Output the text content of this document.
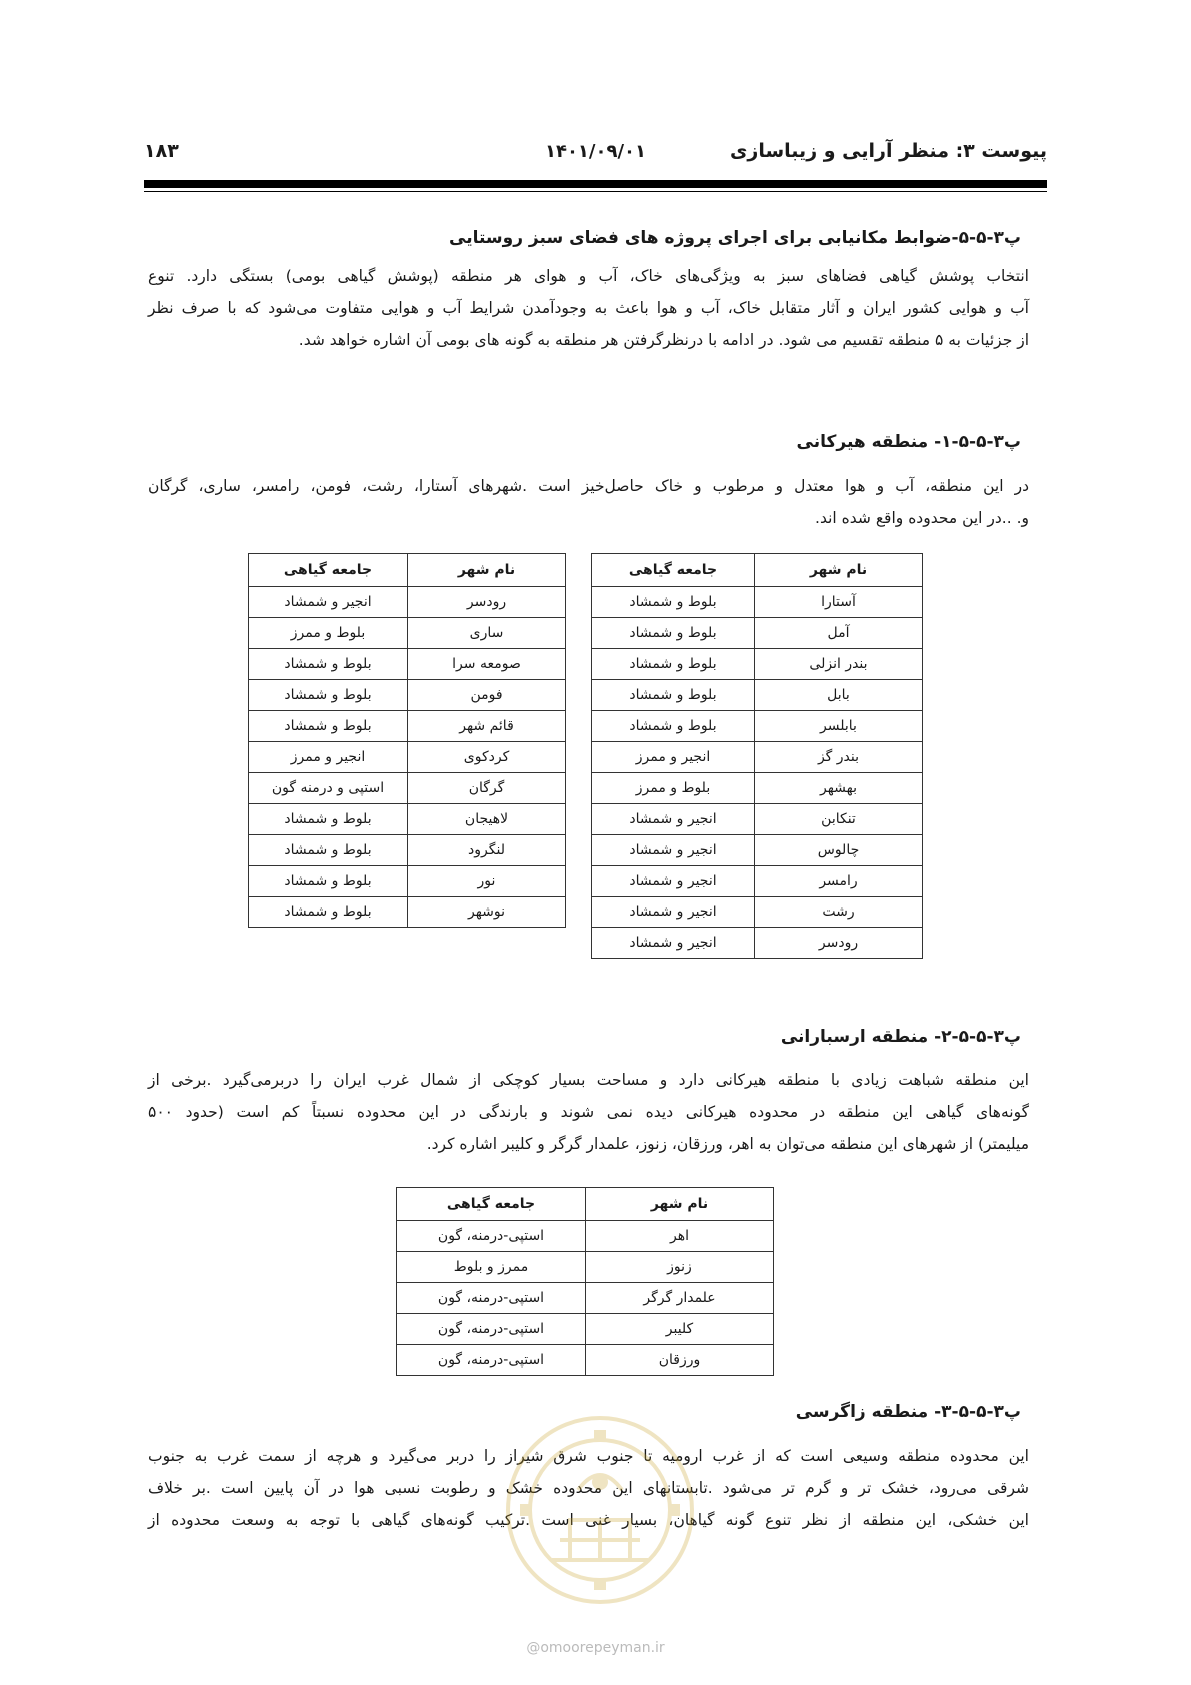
پیوست ۳: منظر آرایی و زیباسازی
۱۴۰۱/۰۹/۰۱
۱۸۳
پ۳-۵-۵-ضوابط مکانیابی برای اجرای پروژه های فضای سبز روستایی
انتخاب پوشش گیاهی فضاهای سبز به ویژگی‌های خاک، آب و هوای هر منطقه (پوشش گیاهی بومی) بستگی دارد. تنوع
آب و هوایی کشور ایران و آثار متقابل خاک، آب و هوا باعث به وجودآمدن شرایط آب و هوایی متفاوت می‌شود که با صرف نظر
از جزئیات به ۵ منطقه تقسیم می شود. در ادامه با درنظرگرفتن هر منطقه به گونه های بومی آن اشاره خواهد شد.
پ۳-۵-۵-۱- منطقه هیرکانی
در این منطقه، آب و هوا معتدل و مرطوب و خاک حاصل‌خیز است .شهرهای آستارا، رشت، فومن، رامسر، ساری، گرگان
و. ..در این محدوده واقع شده اند.
نام شهر	جامعه گیاهی
آستارا	بلوط و شمشاد
آمل	بلوط و شمشاد
بندر انزلی	بلوط و شمشاد
بابل	بلوط و شمشاد
بابلسر	بلوط و شمشاد
بندر گز	انجیر و ممرز
بهشهر	بلوط و ممرز
تنکابن	انجیر و شمشاد
چالوس	انجیر و شمشاد
رامسر	انجیر و شمشاد
رشت	انجیر و شمشاد
رودسر	انجیر و شمشاد
نام شهر	جامعه گیاهی
رودسر	انجیر و شمشاد
ساری	بلوط و ممرز
صومعه سرا	بلوط و شمشاد
فومن	بلوط و شمشاد
قائم شهر	بلوط و شمشاد
کردکوی	انجیر و ممرز
گرگان	استپی و درمنه گون
لاهیجان	بلوط و شمشاد
لنگرود	بلوط و شمشاد
نور	بلوط و شمشاد
نوشهر	بلوط و شمشاد
پ۳-۵-۵-۲- منطقه ارسبارانی
این منطقه شباهت زیادی با منطقه هیرکانی دارد و مساحت بسیار کوچکی از شمال غرب ایران را دربرمی‌گیرد .برخی از
گونه‌های گیاهی این منطقه در محدوده هیرکانی دیده نمی شوند و بارندگی در این محدوده نسبتاً کم است (حدود ۵۰۰
میلیمتر) از شهرهای این منطقه می‌توان به اهر، ورزقان، زنوز، علمدار گرگر و کلیبر اشاره کرد.
نام شهر	جامعه گیاهی
اهر	استپی-درمنه، گون
زنوز	ممرز و بلوط
علمدار گرگر	استپی-درمنه، گون
کلیبر	استپی-درمنه، گون
ورزقان	استپی-درمنه، گون
پ۳-۵-۵-۳- منطقه زاگرسی
این محدوده منطقه وسیعی است که از غرب ارومیه تا جنوب شرق شیراز را دربر می‌گیرد و هرچه از سمت غرب به جنوب
شرقی می‌رود، خشک تر و گرم تر می‌شود .تابستانهای این محدوده خشک و رطوبت نسبی هوا در آن پایین است .بر خلاف
این خشکی، این منطقه از نظر تنوع گونه گیاهان، بسیار غنی است .ترکیب گونه‌های گیاهی با توجه به وسعت محدوده از
@omoorepeyman.ir
